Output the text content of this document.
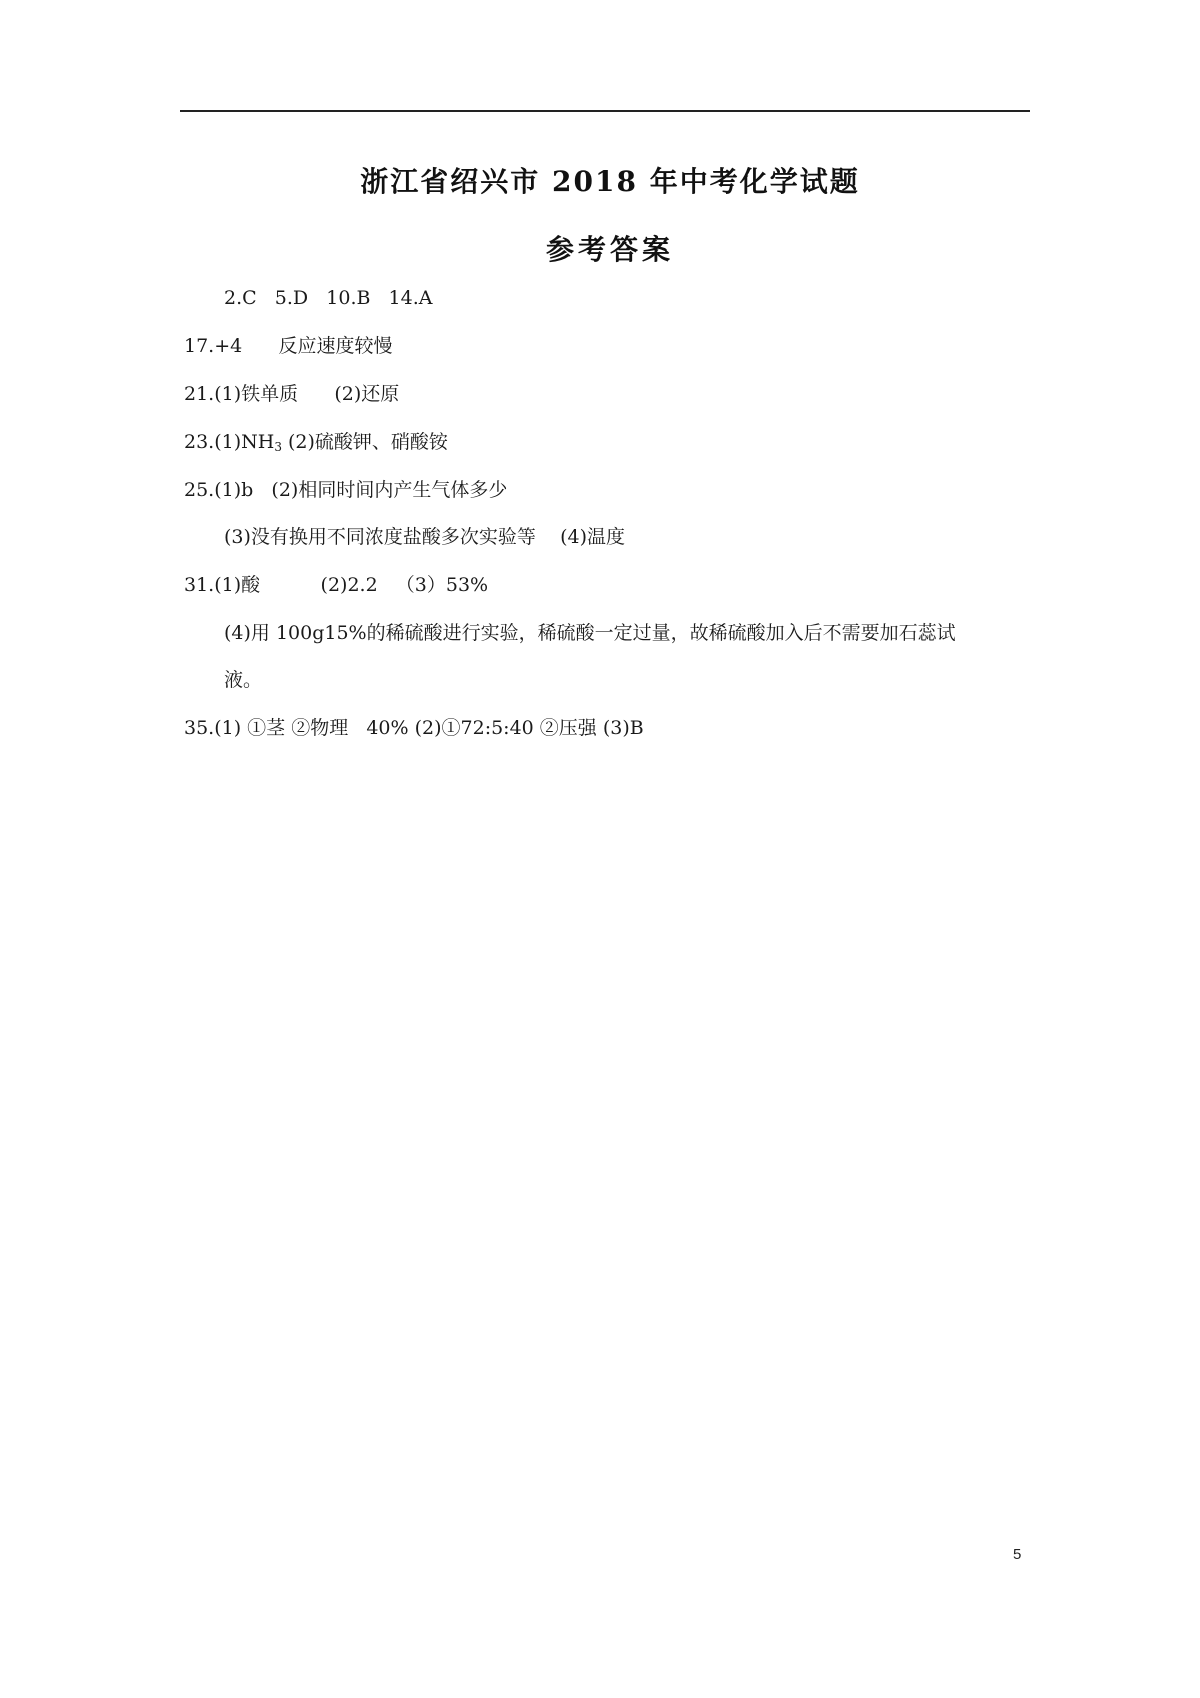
浙江省绍兴市 2018 年中考化学试题
参考答案
2.C   5.D   10.B   14.A
17.+4      反应速度较慢
21.(1)铁单质      (2)还原
23.(1)NH3 (2)硫酸钾、硝酸铵
25.(1)b   (2)相同时间内产生气体多少
(3)没有换用不同浓度盐酸多次实验等    (4)温度
31.(1)酸          (2)2.2   （3）53%
(4)用 100g15%的稀硫酸进行实验，稀硫酸一定过量，故稀硫酸加入后不需要加石蕊试
液。
35.(1) ①茎 ②物理   40% (2)①72:5:40 ②压强 (3)B
5
